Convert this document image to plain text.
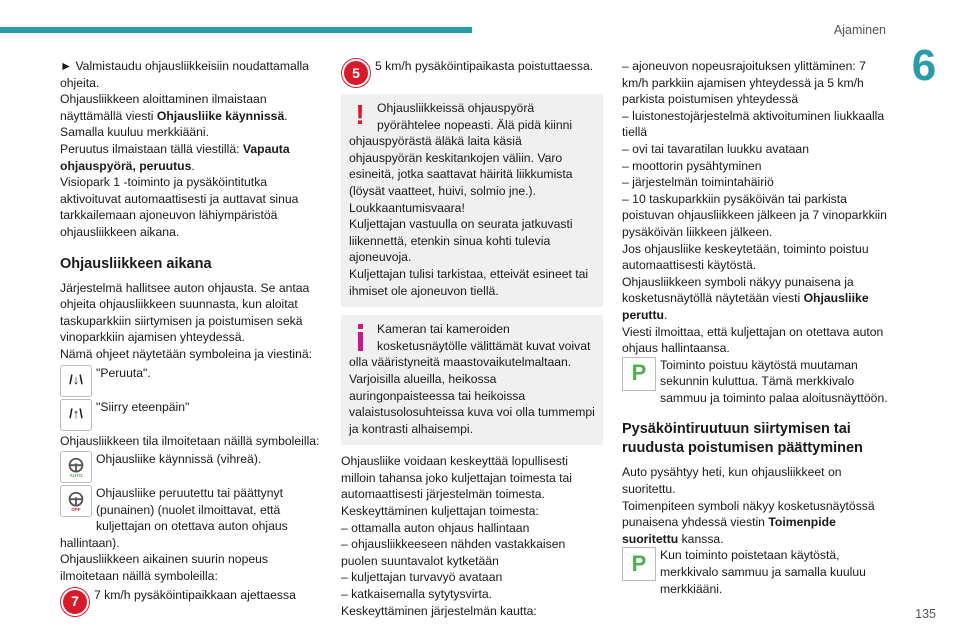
Ajaminen
6

► Valmistaudu ohjausliikkeisiin noudattamalla ohjeita.

Ohjausliikkeen aloittaminen ilmaistaan näyttämällä viesti Ohjausliike käynnissä.

Samalla kuuluu merkkiääni.

Peruutus ilmaistaan tällä viestillä: Vapauta ohjauspyörä, peruutus.

Visiopark 1 -toiminto ja pysäköintitutka aktivoituvat automaattisesti ja auttavat sinua tarkkailemaan ajoneuvon lähiympäristöä ohjausliikkeen aikana.

Ohjausliikkeen aikana

Järjestelmä hallitsee auton ohjausta. Se antaa ohjeita ohjausliikkeen suunnasta, kun aloitat taskuparkkiin siirtymisen ja poistumisen sekä vinoparkkiin ajamisen yhteydessä.

Nämä ohjeet näytetään symboleina ja viestinä:

/↓\	"Peruuta".
/↑\	"Siirry eteenpäin"

Ohjausliikkeen tila ilmoitetaan näillä symboleilla:

AUTO
Ohjausliike käynnissä (vihreä).
OFF
Ohjausliike peruutettu tai päättynyt (punainen) (nuolet ilmoittavat, että kuljettajan on otettava auton ohjaus hallintaan).

Ohjausliikkeen aikainen suurin nopeus ilmoitetaan näillä symboleilla:

7	7 km/h pysäköintipaikkaan ajettaessa
5	5 km/h pysäköintipaikasta poistuttaessa.
!	Ohjausliikkeissä ohjauspyörä pyörähtelee nopeasti. Älä pidä kiinni ohjauspyörästä äläkä laita käsiä ohjauspyörän keskitankojen väliin. Varo esineitä, jotka saattavat häiritä liikkumista (löysät vaatteet, huivi, solmio jne.). Loukkaantumisvaara!

Kuljettajan vastuulla on seurata jatkuvasti liikennettä, etenkin sinua kohti tulevia ajoneuvoja.

Kuljettajan tulisi tarkistaa, etteivät esineet tai ihmiset ole ajoneuvon tiellä.

Kameran tai kameroiden kosketusnäytölle välittämät kuvat voivat olla vääristyneitä maastovaikutelmaltaan. Varjoisilla alueilla, heikossa auringonpaisteessa tai heikoissa valaistusolosuhteissa kuva voi olla tummempi ja kontrasti alhaisempi.

Ohjausliike voidaan keskeyttää lopullisesti milloin tahansa joko kuljettajan toimesta tai automaattisesti järjestelmän toimesta.

Keskeyttäminen kuljettajan toimesta:

– ottamalla auton ohjaus hallintaan

– ohjausliikkeeseen nähden vastakkaisen puolen suuntavalot kytketään

– kuljettajan turvavyö avataan

– katkaisemalla sytytysvirta.

Keskeyttäminen järjestelmän kautta:

– ajoneuvon nopeusrajoituksen ylittäminen: 7 km/h parkkiin ajamisen yhteydessä ja 5 km/h parkista poistumisen yhteydessä

– luistonestojärjestelmä aktivoituminen liukkaalla tiellä

– ovi tai tavaratilan luukku avataan

– moottorin pysähtyminen

– järjestelmän toimintahäiriö

– 10 taskuparkkiin pysäköivän tai parkista poistuvan ohjausliikkeen jälkeen ja 7 vinoparkkiin pysäköivän liikkeen jälkeen.

Jos ohjausliike keskeytetään, toiminto poistuu automaattisesti käytöstä.

Ohjausliikkeen symboli näkyy punaisena ja kosketusnäytöllä näytetään viesti Ohjausliike peruttu.

Viesti ilmoittaa, että kuljettajan on otettava auton ohjaus hallintaansa.

P	Toiminto poistuu käytöstä muutaman sekunnin kuluttua. Tämä merkkivalo sammuu ja toiminto palaa aloitusnäyttöön.
Pysäköintiruutuun siirtymisen tai ruudusta poistumisen päättyminen

Auto pysähtyy heti, kun ohjausliikkeet on suoritettu.

Toimenpiteen symboli näkyy kosketusnäytössä punaisena yhdessä viestin Toimenpide suoritettu kanssa.

P	Kun toiminto poistetaan käytöstä, merkkivalo sammuu ja samalla kuuluu merkkiääni.
135
